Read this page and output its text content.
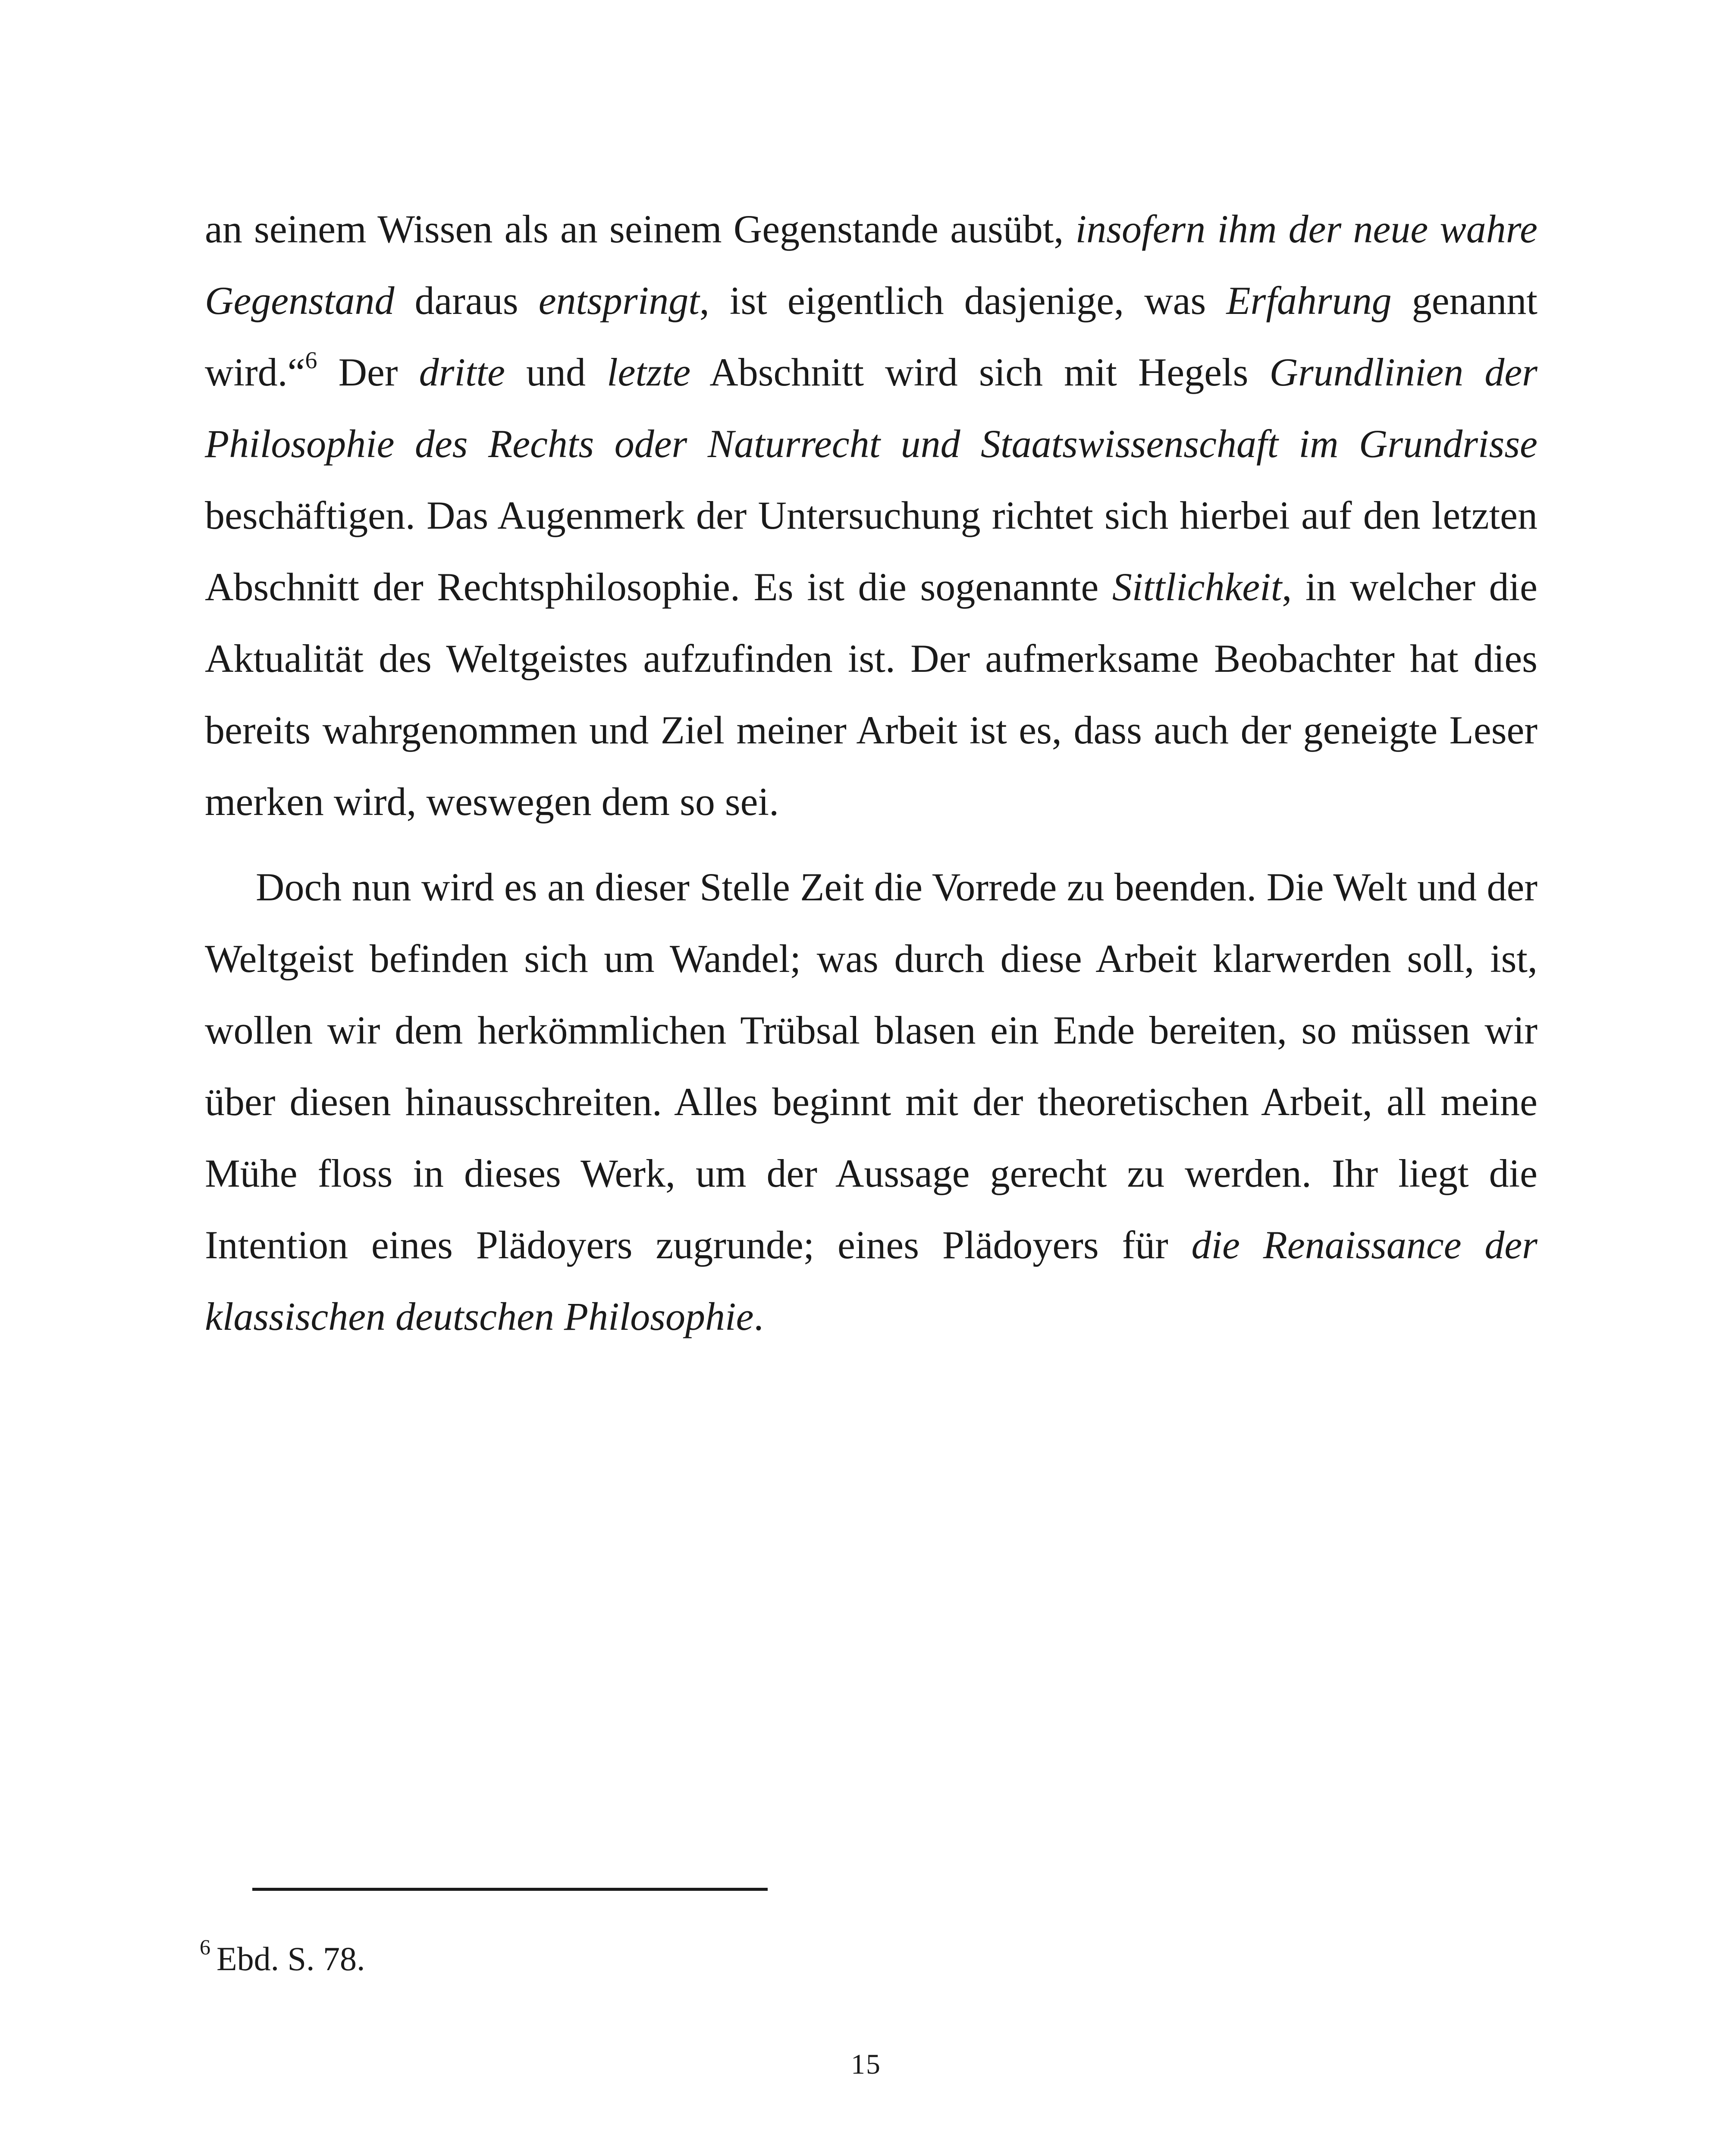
an seinem Wissen als an seinem Gegenstande ausübt, insofern ihm der neue wahre Gegenstand daraus entspringt, ist eigentlich dasjenige, was Erfahrung genannt wird.“$^6$ Der dritte und letzte Abschnitt wird sich mit Hegels Grundlinien der Philosophie des Rechts oder Naturrecht und Staatswissenschaft im Grundrisse beschäftigen. Das Augenmerk der Untersuchung richtet sich hierbei auf den letzten Abschnitt der Rechtsphilosophie. Es ist die sogenannte Sittlichkeit, in welcher die Aktualität des Weltgeistes aufzufinden ist. Der aufmerksame Beobachter hat dies bereits wahrgenommen und Ziel meiner Arbeit ist es, dass auch der geneigte Leser merken wird, weswegen dem so sei.

Doch nun wird es an dieser Stelle Zeit die Vorrede zu beenden. Die Welt und der Weltgeist befinden sich um Wandel; was durch diese Arbeit klarwerden soll, ist, wollen wir dem herkömmlichen Trübsal blasen ein Ende bereiten, so müssen wir über diesen hinausschreiten. Alles beginnt mit der theoretischen Arbeit, all meine Mühe floss in dieses Werk, um der Aussage gerecht zu werden. Ihr liegt die Intention eines Plädoyers zugrunde; eines Plädoyers für die Renaissance der klassischen deutschen Philosophie.

$^6$ Ebd. S. 78.
15
